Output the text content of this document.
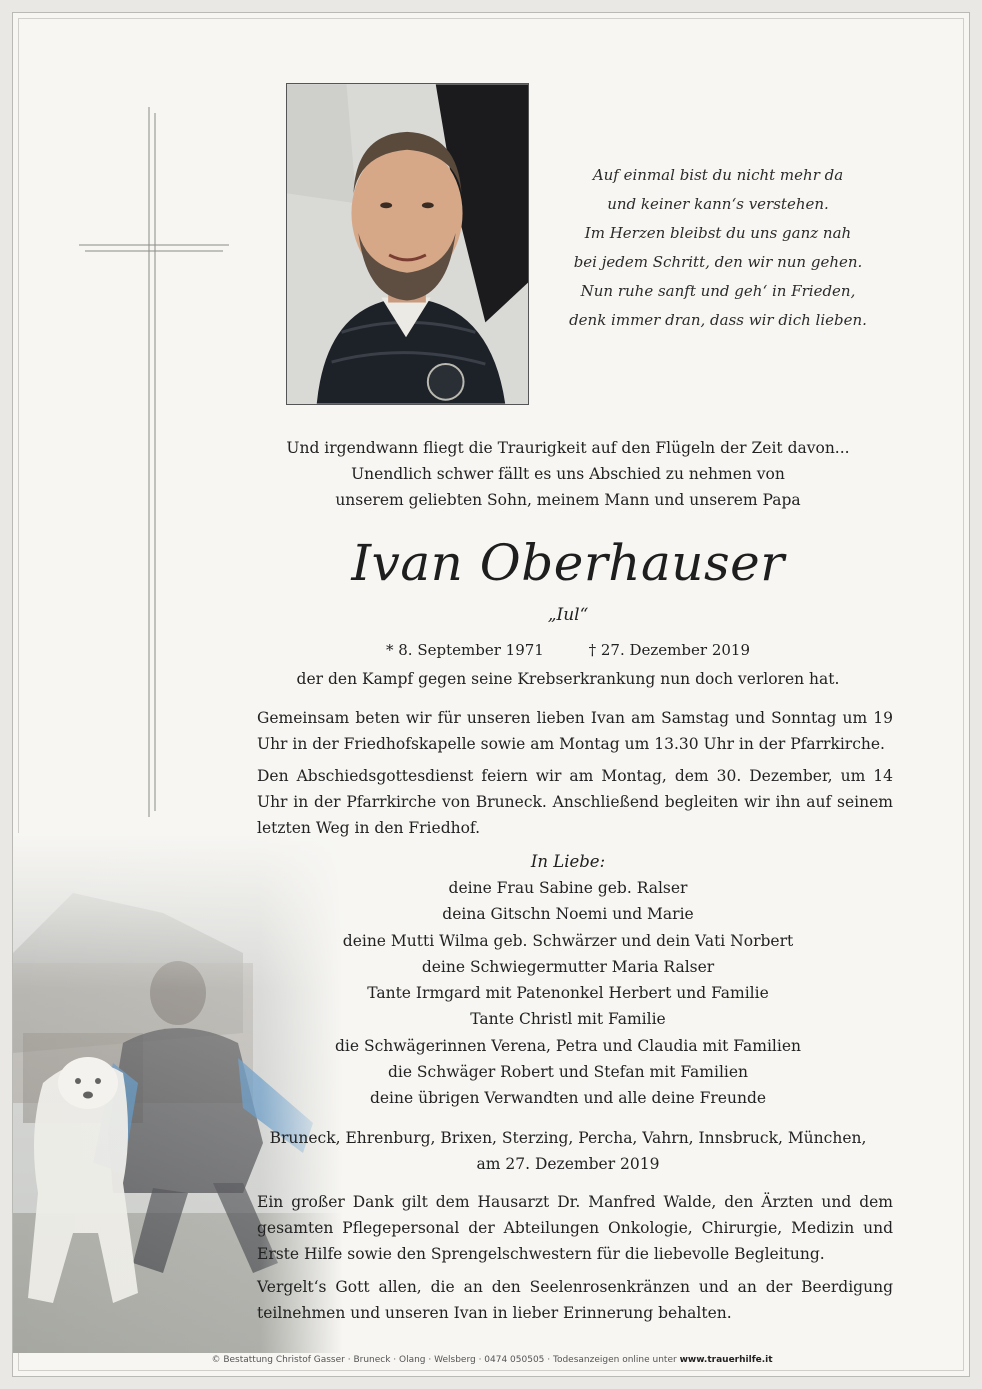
Auf einmal bist du nicht mehr da
und keiner kann‘s verstehen.
Im Herzen bleibst du uns ganz nah
bei jedem Schritt, den wir nun gehen.
Nun ruhe sanft und geh‘ in Frieden,
denk immer dran, dass wir dich lieben.
Und irgendwann fliegt die Traurigkeit auf den Flügeln der Zeit davon...
Unendlich schwer fällt es uns Abschied zu nehmen von
unserem geliebten Sohn, meinem Mann und unserem Papa
Ivan Oberhauser
„Iul“
* 8. September 1971	† 27. Dezember 2019
der den Kampf gegen seine Krebserkrankung nun doch verloren hat.
Gemeinsam beten wir für unseren lieben Ivan am Samstag und Sonntag um 19 Uhr in der Friedhofskapelle sowie am Montag um 13.30 Uhr in der Pfarrkirche.
Den Abschiedsgottesdienst feiern wir am Montag, dem 30. Dezember, um 14 Uhr in der Pfarrkirche von Bruneck. Anschließend begleiten wir ihn auf seinem letzten Weg in den Friedhof.
In Liebe:
deine Frau Sabine geb. Ralser
deina Gitschn Noemi und Marie
deine Mutti Wilma geb. Schwärzer und dein Vati Norbert
deine Schwiegermutter Maria Ralser
Tante Irmgard mit Patenonkel Herbert und Familie
Tante Christl mit Familie
die Schwägerinnen Verena, Petra und Claudia mit Familien
die Schwäger Robert und Stefan mit Familien
deine übrigen Verwandten und alle deine Freunde
Bruneck, Ehrenburg, Brixen, Sterzing, Percha, Vahrn, Innsbruck, München,
am 27. Dezember 2019
Ein großer Dank gilt dem Hausarzt Dr. Manfred Walde, den Ärzten und dem gesamten Pflegepersonal der Abteilungen Onkologie, Chirurgie, Medizin und Erste Hilfe sowie den Sprengelschwestern für die liebevolle Begleitung.
Vergelt‘s Gott allen, die an den Seelenrosenkränzen und an der Beerdigung teilnehmen und unseren Ivan in lieber Erinnerung behalten.
© Bestattung Christof Gasser · Bruneck · Olang · Welsberg · 0474 050505 · Todesanzeigen online unter www.trauerhilfe.it
